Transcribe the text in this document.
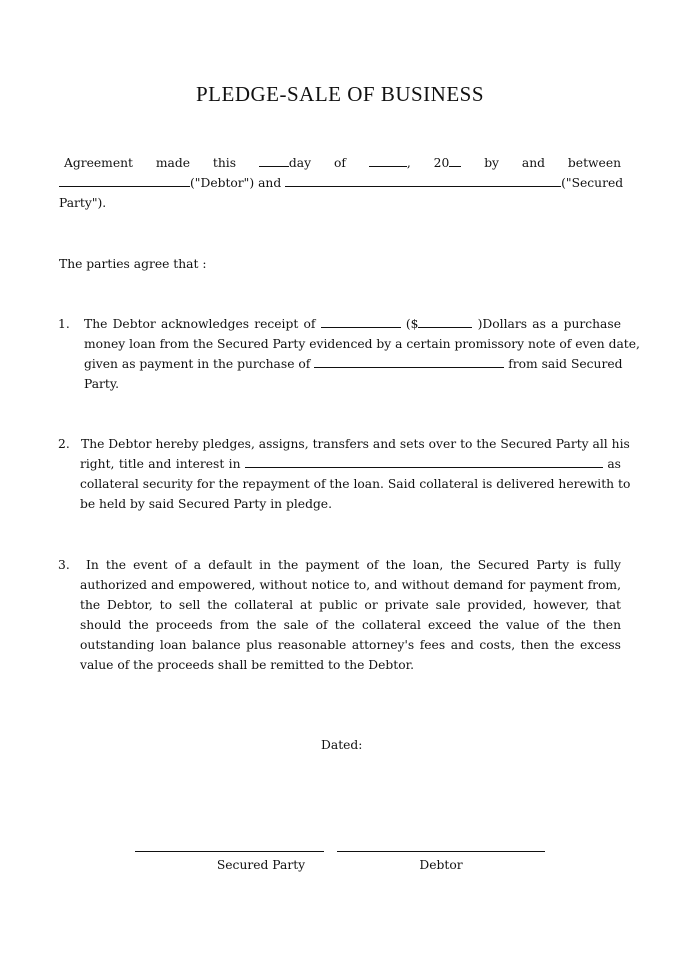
PLEDGE-SALE OF BUSINESS
Agreement made this	day of	, 20	by and between
("Debtor") and	("Secured
Party").
The parties agree that :
1. The Debtor acknowledges receipt of	($	)Dollars as a purchase
money loan from the Secured Party evidenced by a certain promissory note of even date,
given as payment in the purchase of	from said Secured
Party.
2. The Debtor hereby pledges, assigns, transfers and sets over to the Secured Party all his
right, title and interest in	as
collateral security for the repayment of the loan. Said collateral is delivered herewith to
be held by said Secured Party in pledge.
3.	In the event of a default in the payment of the loan, the Secured Party is fully authorized and empowered, without notice to, and without demand for payment from, the Debtor, to sell the collateral at public or private sale provided, however, that should the proceeds from the sale of the collateral exceed the value of the then outstanding loan balance plus reasonable attorney's fees and costs, then the excess value of the proceeds shall be remitted to the Debtor.
Dated:
Secured Party	Debtor
